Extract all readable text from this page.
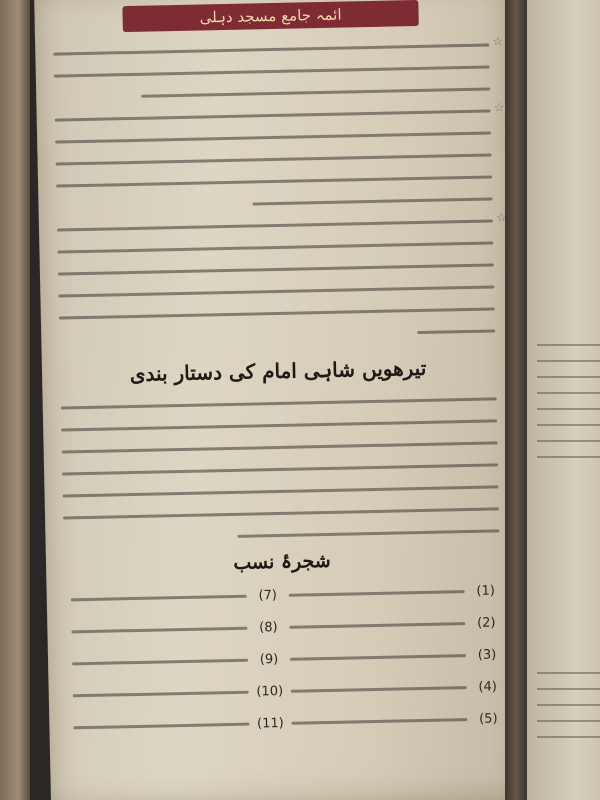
ائمہ جامع مسجد دہلی
☆
☆
☆
تیرھویں شاہی امام کی دستار بندی
شجرۂ نسب
(1)
(7)
(2)
(8)
(3)
(9)
(4)
(10)
(5)
(11)
